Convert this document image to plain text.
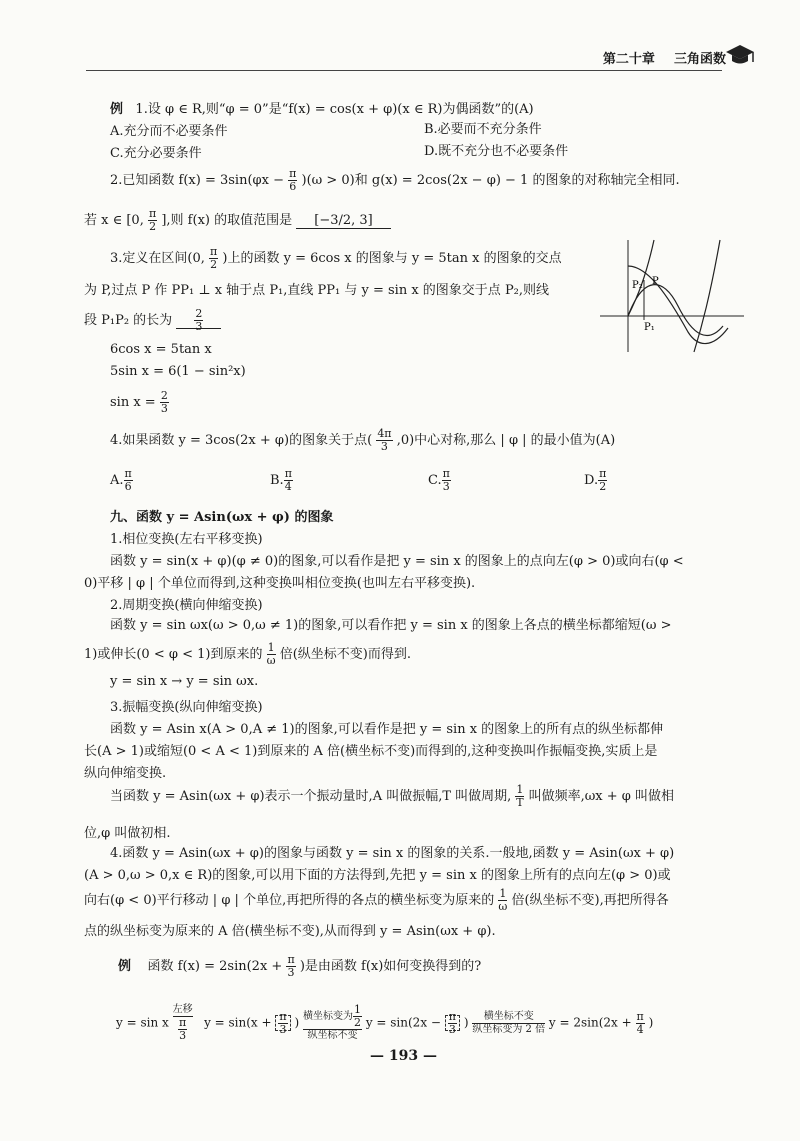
第二十章 三角函数
例 1.设 φ ∈ R,则“φ = 0”是“f(x) = cos(x + φ)(x ∈ R)为偶函数”的(A)
A.充分而不必要条件	B.必要而不充分条件
C.充分必要条件	D.既不充分也不必要条件
2.已知函数 $f(x) = 3\sin(\varphi x - \frac{\pi}{6} )(\omega > 0)$和 g(x) = 2cos(2x − φ) − 1 的图象的对称轴完全相同.
若 x ∈ [0, $\frac{\pi}{2}$ ],则 f(x) 的取值范围是 [−3/2, 3]
3.定义在区间(0, $\frac{\pi}{2}$ )上的函数 y = 6cos x 的图象与 y = 5tan x 的图象的交点
为 P,过点 P 作 PP₁ ⊥ x 轴于点 P₁,直线 PP₁ 与 y = sin x 的图象交于点 P₂,则线
段 P₁P₂ 的长为 $\frac{2}{3}$
6cos x = 5tan x
5sin x = 6(1 − sin²x)
$\sin x = \frac{2}{3}$
P
P₂
P₁
4.如果函数 y = 3cos(2x + φ)的图象关于点( $\frac{4\pi}{3} ,0$)中心对称,那么 | φ | 的最小值为(A)
A. $\frac{\pi}{6}$	B. $\frac{\pi}{4}$	C. $\frac{\pi}{3}$	D. $\frac{\pi}{2}$
九、函数 y = Asin(ωx + φ) 的图象
1.相位变换(左右平移变换)
函数 y = sin(x + φ)(φ ≠ 0)的图象,可以看作是把 y = sin x 的图象上的点向左(φ > 0)或向右(φ <
0)平移 | φ | 个单位而得到,这种变换叫相位变换(也叫左右平移变换).
2.周期变换(横向伸缩变换)
函数 y = sin ωx(ω > 0,ω ≠ 1)的图象,可以看作把 y = sin x 的图象上各点的横坐标都缩短(ω >
1)或伸长(0 < φ < 1)到原来的 $\frac{1}{\omega}$ 倍(纵坐标不变)而得到.
y = sin x → y = sin ωx.
3.振幅变换(纵向伸缩变换)
函数 y = Asin x(A > 0,A ≠ 1)的图象,可以看作是把 y = sin x 的图象上的所有点的纵坐标都伸
长(A > 1)或缩短(0 < A < 1)到原来的 A 倍(横坐标不变)而得到的,这种变换叫作振幅变换,实质上是
纵向伸缩变换.
当函数 y = Asin(ωx + φ)表示一个振动量时,A 叫做振幅,T 叫做周期, $\frac{1}{T}$ 叫做频率,ωx + φ 叫做相
位,φ 叫做初相.
4.函数 y = Asin(ωx + φ)的图象与函数 y = sin x 的图象的关系.一般地,函数 y = Asin(ωx + φ)
(A > 0,ω > 0,x ∈ R)的图象,可以用下面的方法得到,先把 y = sin x 的图象上所有的点向左(φ > 0)或
向右(φ < 0)平行移动 | φ | 个单位,再把所得的各点的横坐标变为原来的 $\frac{1}{\omega}$ 倍(纵坐标不变),再把所得各
点的纵坐标变为原来的 A 倍(横坐标不变),从而得到 y = Asin(ωx + φ).
例 函数 $f(x) = 2\sin(2x + \frac{\pi}{3}$ )是由函数 f(x)如何变换得到的?
y = sin x
左移
$\frac{\pi}{3}$ $y = \sin(x + \frac{\pi}{3}$ ) 横坐标变为 $\frac{1}{2}$
纵坐标不变 $y = \sin(2x - \frac{\pi}{3}$ )	横坐标不变
纵坐标变为 2 倍 $y = 2\sin(2x + \frac{\pi}{4}$ )
— 193 —
